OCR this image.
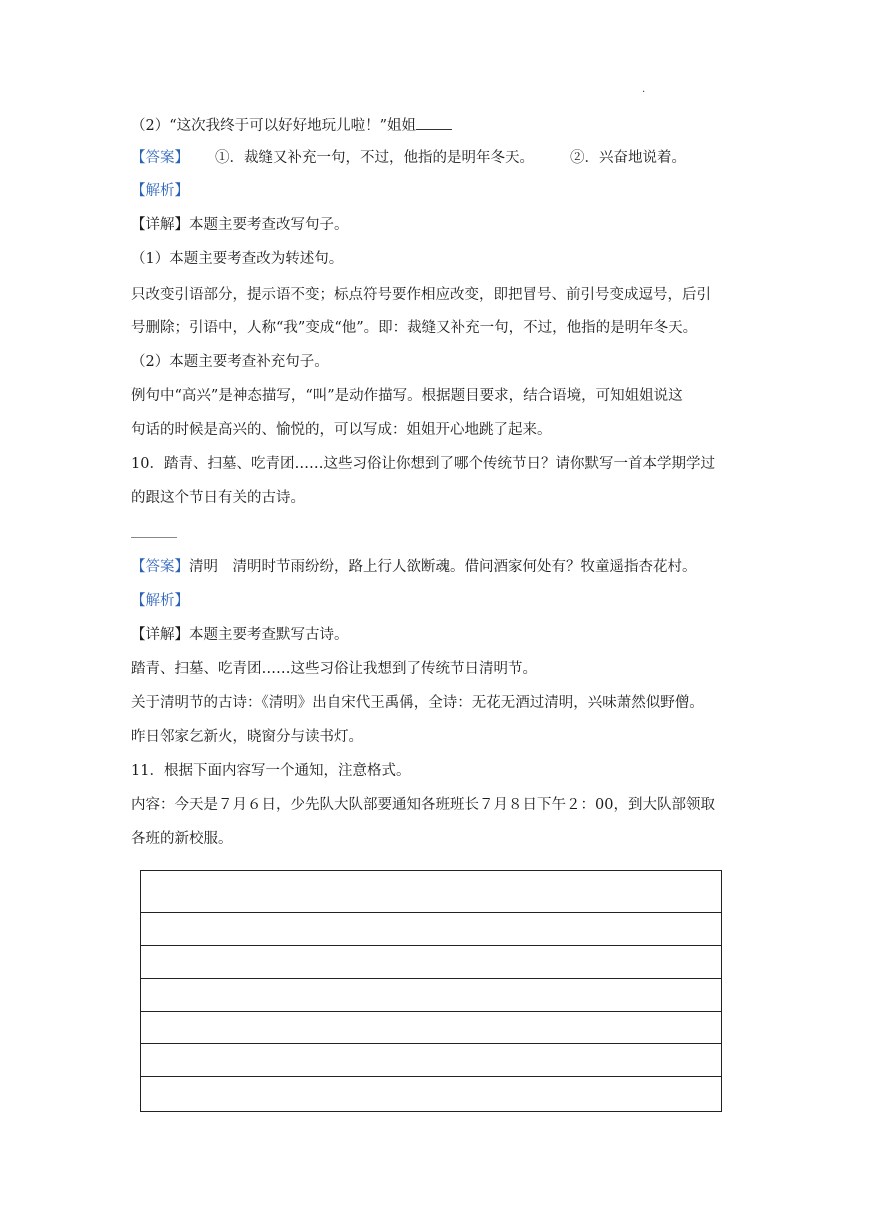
.
（2）“这次我终于可以好好地玩儿啦！”姐姐
【答案】 ①．裁缝又补充一句，不过，他指的是明年冬天。 ②．兴奋地说着。
【解析】
【详解】本题主要考查改写句子。
（1）本题主要考查改为转述句。
只改变引语部分，提示语不变；标点符号要作相应改变，即把冒号、前引号变成逗号，后引
号删除；引语中，人称“我”变成“他”。即：裁缝又补充一句，不过，他指的是明年冬天。
（2）本题主要考查补充句子。
例句中“高兴”是神态描写，“叫”是动作描写。根据题目要求，结合语境，可知姐姐说这
句话的时候是高兴的、愉悦的，可以写成：姐姐开心地跳了起来。
10．踏青、扫墓、吃青团……这些习俗让你想到了哪个传统节日？请你默写一首本学期学过
的跟这个节日有关的古诗。
【答案】清明　清明时节雨纷纷，路上行人欲断魂。借问酒家何处有？牧童遥指杏花村。
【解析】
【详解】本题主要考查默写古诗。
踏青、扫墓、吃青团……这些习俗让我想到了传统节日清明节。
关于清明节的古诗：《清明》出自宋代王禹偁，全诗：无花无酒过清明，兴味萧然似野僧。
昨日邻家乞新火，晓窗分与读书灯。
11．根据下面内容写一个通知，注意格式。
内容：今天是７月６日，少先队大队部要通知各班班长７月８日下午２：00，到大队部领取
各班的新校服。
